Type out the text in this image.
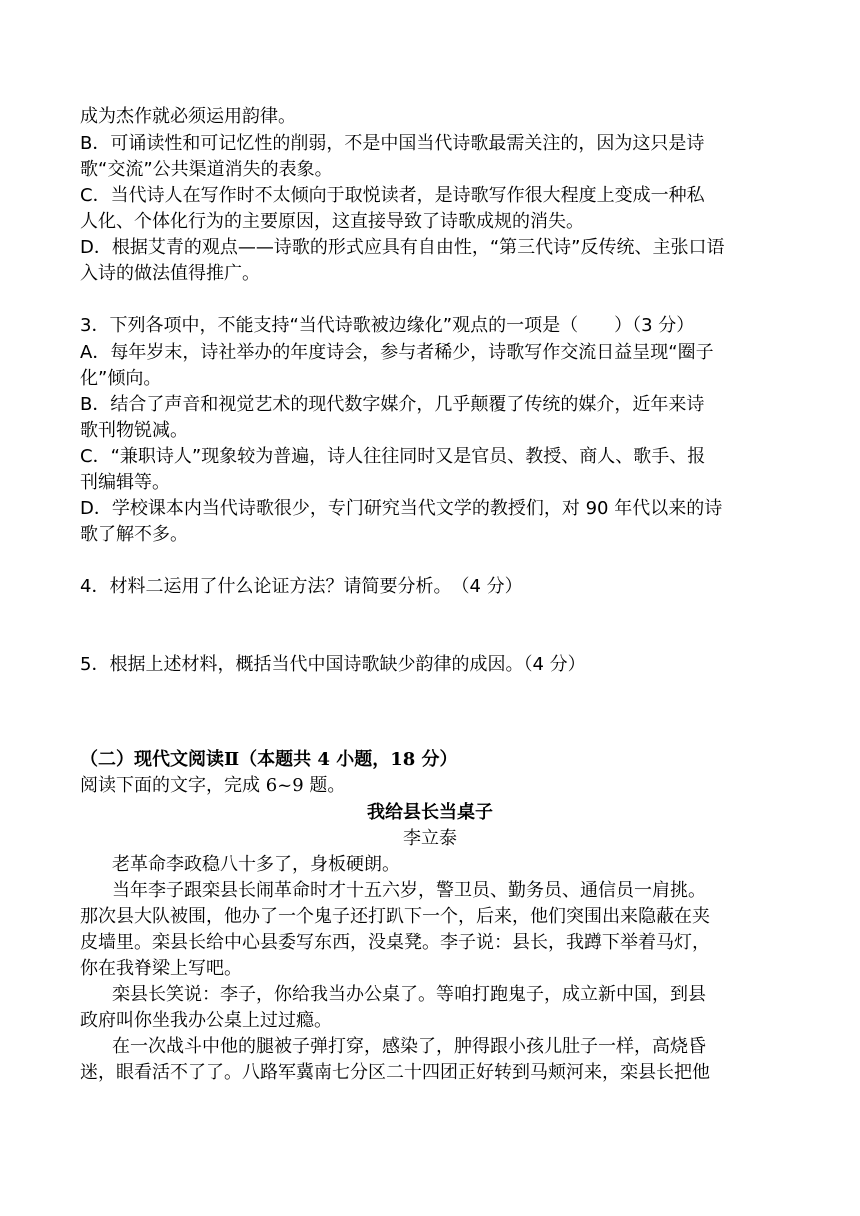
成为杰作就必须运用韵律。
B．可诵读性和可记忆性的削弱，不是中国当代诗歌最需关注的，因为这只是诗
歌“交流”公共渠道消失的表象。
C．当代诗人在写作时不太倾向于取悦读者，是诗歌写作很大程度上变成一种私
人化、个体化行为的主要原因，这直接导致了诗歌成规的消失。
D．根据艾青的观点——诗歌的形式应具有自由性，“第三代诗”反传统、主张口语
入诗的做法值得推广。
3．下列各项中，不能支持“当代诗歌被边缘化”观点的一项是（　　）（3 分）
A．每年岁末，诗社举办的年度诗会，参与者稀少，诗歌写作交流日益呈现“圈子
化”倾向。
B．结合了声音和视觉艺术的现代数字媒介，几乎颠覆了传统的媒介，近年来诗
歌刊物锐减。
C．“兼职诗人”现象较为普遍，诗人往往同时又是官员、教授、商人、歌手、报
刊编辑等。
D．学校课本内当代诗歌很少，专门研究当代文学的教授们，对 90 年代以来的诗
歌了解不多。
4．材料二运用了什么论证方法？请简要分析。　（4 分）
5．根据上述材料，概括当代中国诗歌缺少韵律的成因。（4 分）
（二）现代文阅读Ⅱ（本题共 4 小题，18 分）
阅读下面的文字，完成 6~9 题。
我给县长当桌子
李立泰
老革命李政稳八十多了，身板硬朗。
当年李子跟栾县长闹革命时才十五六岁，警卫员、勤务员、通信员一肩挑。
那次县大队被围，他办了一个鬼子还打趴下一个，后来，他们突围出来隐蔽在夹
皮墙里。栾县长给中心县委写东西，没桌凳。李子说：县长，我蹲下举着马灯，
你在我脊梁上写吧。
栾县长笑说：李子，你给我当办公桌了。等咱打跑鬼子，成立新中国，到县
政府叫你坐我办公桌上过过瘾。
在一次战斗中他的腿被子弹打穿，感染了，肿得跟小孩儿肚子一样，高烧昏
迷，眼看活不了了。八路军冀南七分区二十四团正好转到马颊河来，栾县长把他
